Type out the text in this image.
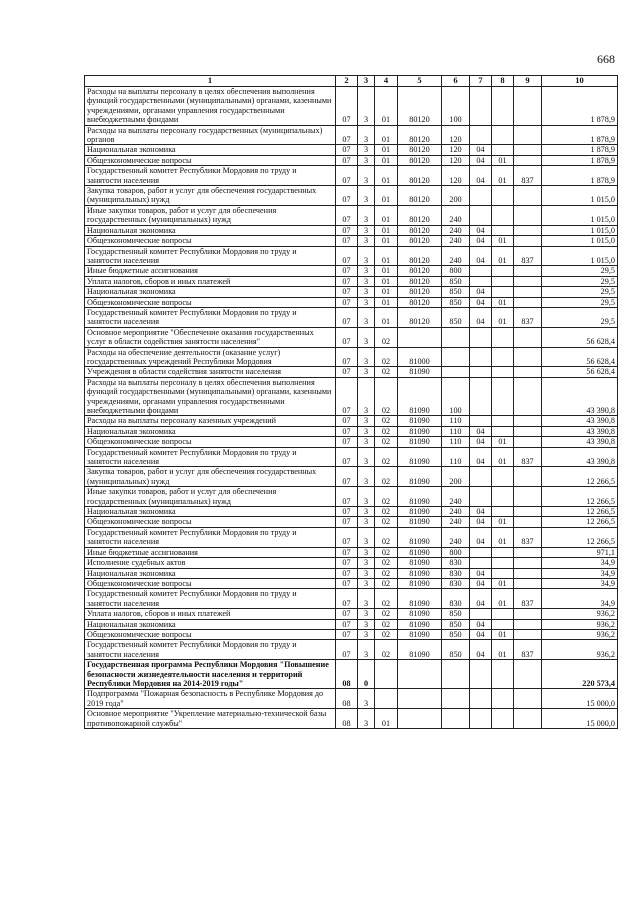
668
1	2	3	4	5	6	7	8	9	10
Расходы на выплаты персоналу в целях обеспечения выполнения функций государственными (муниципальными) органами, казенными учреждениями, органами управления государственными внебюджетными фондами	07	3	01	80120	100				1 878,9
Расходы на выплаты персоналу государственных (муниципальных) органов	07	3	01	80120	120				1 878,9
Национальная экономика	07	3	01	80120	120	04			1 878,9
Общеэкономические вопросы	07	3	01	80120	120	04	01		1 878,9
Государственный комитет Республики Мордовия по труду и занятости населения	07	3	01	80120	120	04	01	837	1 878,9
Закупка товаров, работ и услуг для обеспечения государственных (муниципальных) нужд	07	3	01	80120	200				1 015,0
Иные закупки товаров, работ и услуг для обеспечения государственных (муниципальных) нужд	07	3	01	80120	240				1 015,0
Национальная экономика	07	3	01	80120	240	04			1 015,0
Общеэкономические вопросы	07	3	01	80120	240	04	01		1 015,0
Государственный комитет Республики Мордовия по труду и занятости населения	07	3	01	80120	240	04	01	837	1 015,0
Иные бюджетные ассигнования	07	3	01	80120	800				29,5
Уплата налогов, сборов и иных платежей	07	3	01	80120	850				29,5
Национальная экономика	07	3	01	80120	850	04			29,5
Общеэкономические вопросы	07	3	01	80120	850	04	01		29,5
Государственный комитет Республики Мордовия по труду и занятости населения	07	3	01	80120	850	04	01	837	29,5
Основное мероприятие "Обеспечение оказания государственных услуг в области содействия занятости населения"	07	3	02						56 628,4
Расходы на обеспечение деятельности (оказание услуг) государственных учреждений Республики Мордовия	07	3	02	81000					56 628,4
Учреждения в области содействия занятости населения	07	3	02	81090					56 628,4
Расходы на выплаты персоналу в целях обеспечения выполнения функций государственными (муниципальными) органами, казенными учреждениями, органами управления государственными внебюджетными фондами	07	3	02	81090	100				43 390,8
Расходы на выплаты персоналу казенных учреждений	07	3	02	81090	110				43 390,8
Национальная экономика	07	3	02	81090	110	04			43 390,8
Общеэкономические вопросы	07	3	02	81090	110	04	01		43 390,8
Государственный комитет Республики Мордовия по труду и занятости населения	07	3	02	81090	110	04	01	837	43 390,8
Закупка товаров, работ и услуг для обеспечения государственных (муниципальных) нужд	07	3	02	81090	200				12 266,5
Иные закупки товаров, работ и услуг для обеспечения государственных (муниципальных) нужд	07	3	02	81090	240				12 266,5
Национальная экономика	07	3	02	81090	240	04			12 266,5
Общеэкономические вопросы	07	3	02	81090	240	04	01		12 266,5
Государственный комитет Республики Мордовия по труду и занятости населения	07	3	02	81090	240	04	01	837	12 266,5
Иные бюджетные ассигнования	07	3	02	81090	800				971,1
Исполнение судебных актов	07	3	02	81090	830				34,9
Национальная экономика	07	3	02	81090	830	04			34,9
Общеэкономические вопросы	07	3	02	81090	830	04	01		34,9
Государственный комитет Республики Мордовия по труду и занятости населения	07	3	02	81090	830	04	01	837	34,9
Уплата налогов, сборов и иных платежей	07	3	02	81090	850				936,2
Национальная экономика	07	3	02	81090	850	04			936,2
Общеэкономические вопросы	07	3	02	81090	850	04	01		936,2
Государственный комитет Республики Мордовия по труду и занятости населения	07	3	02	81090	850	04	01	837	936,2
Государственная программа Республики Мордовия "Повышение безопасности жизнедеятельности населения и территорий Республики Мордовия на 2014-2019 годы"	08	0							220 573,4
Подпрограмма "Пожарная безопасность в Республике Мордовия до 2019 года"	08	3							15 000,0
Основное мероприятие "Укрепление материально-технической базы противопожарной службы"	08	3	01						15 000,0
